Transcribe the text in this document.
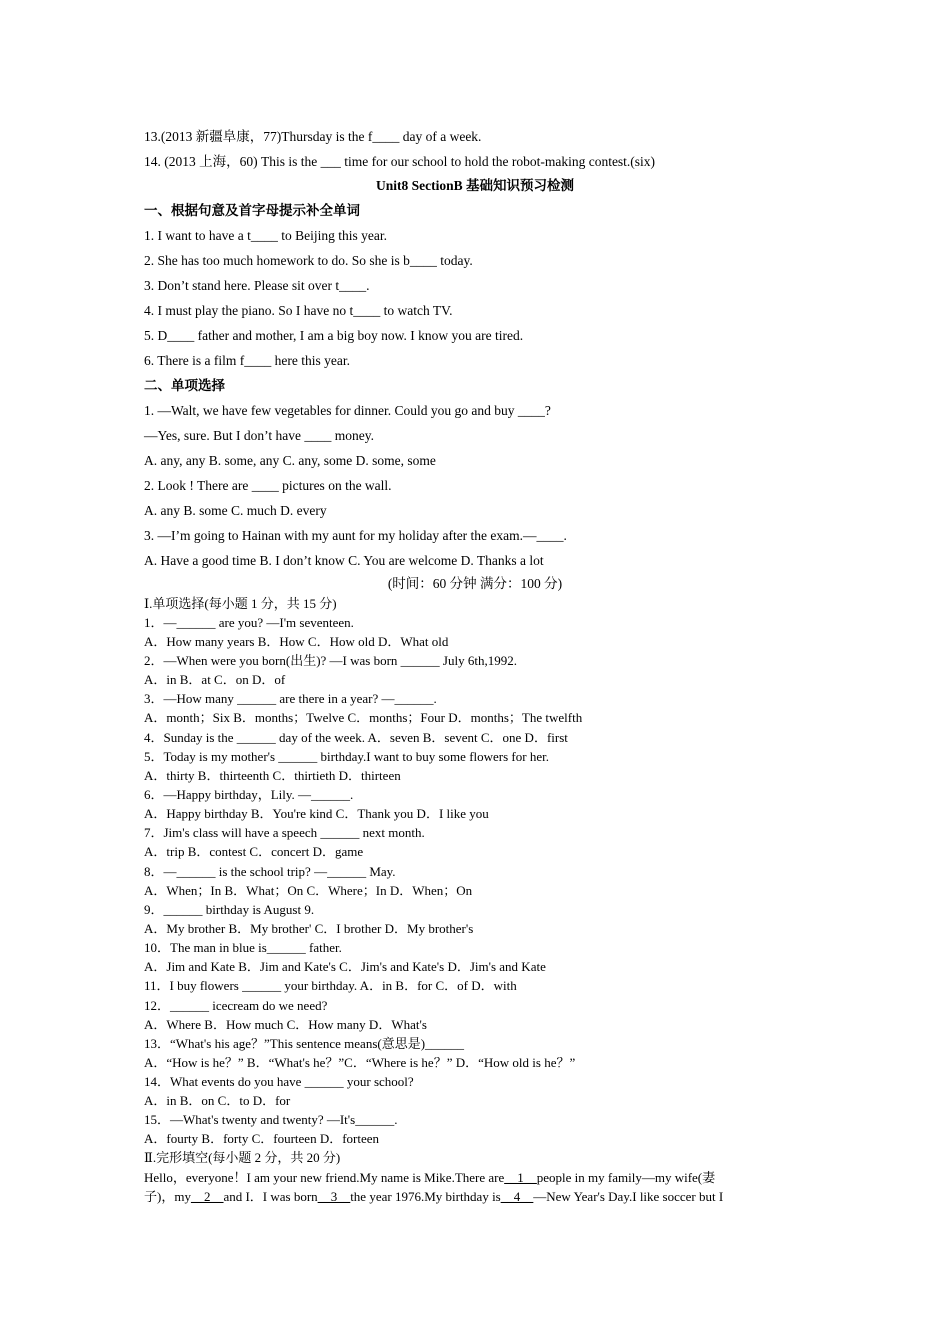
13.(2013 新疆阜康，77)Thursday is the f____ day of a week.
14. (2013 上海，60) This is the ___ time for our school to hold the robot-making contest.(six)
Unit8 SectionB 基础知识预习检测
一、根据句意及首字母提示补全单词
1. I want to have a t____ to Beijing this year.
2. She has too much homework to do. So she is b____ today.
3. Don’t stand here. Please sit over t____.
4. I must play the piano. So I have no t____ to watch TV.
5. D____ father and mother, I am a big boy now. I know you are tired.
6. There is a film f____ here this year.
二、单项选择
1. —Walt, we have few vegetables for dinner. Could you go and buy ____?
—Yes, sure. But I don’t have ____ money.
A. any, any B. some, any C. any, some D. some, some
2. Look ! There are ____ pictures on the wall.
A. any B. some C. much D. every
3. —I’m going to Hainan with my aunt for my holiday after the exam.—____.
A. Have a good time B. I don’t know C. You are welcome D. Thanks a lot
(时间：60 分钟 满分：100 分)
Ⅰ.单项选择(每小题 1 分，共 15 分)
1．—______ are you? —I'm seventeen.
A．How many years B．How C．How old D．What old
2．—When were you born(出生)? —I was born ______ July 6th,1992.
A．in B．at C．on D．of
3．—How many ______ are there in a year? —______.
A．month；Six B．months；Twelve C．months；Four D．months；The twelfth
4．Sunday is the ______ day of the week. A．seven B．sevent C．one D．first
5．Today is my mother's ______ birthday.I want to buy some flowers for her.
A．thirty B．thirteenth C．thirtieth D．thirteen
6．—Happy birthday，Lily. —______.
A．Happy birthday B．You're kind C．Thank you D．I like you
7．Jim's class will have a speech ______ next month.
A．trip B．contest C．concert D．game
8．—______ is the school trip? —______ May.
A．When；In B．What；On C．Where；In D．When；On
9．______ birthday is August 9.
A．My brother B．My brother' C．I brother D．My brother's
10．The man in blue is______ father.
A．Jim and Kate B．Jim and Kate's C．Jim's and Kate's D．Jim's and Kate
11．I buy flowers ______ your birthday. A．in B．for C．of D．with
12．______ icecream do we need?
A．Where B．How much C．How many D．What's
13．“What's his age？”This sentence means(意思是)______
A．“How is he？” B．“What's he？”C．“Where is he？” D．“How old is he？”
14．What events do you have ______ your school?
A．in B．on C．to D．for
15．—What's twenty and twenty? —It's______.
A．fourty B．forty C．fourteen D．forteen
Ⅱ.完形填空(每小题 2 分，共 20 分)
Hello，everyone！I am your new friend.My name is Mike.There are__1__people in my family—my wife(妻
子)，my__2__and I．I was born__3__the year 1976.My birthday is__4__—New Year's Day.I like soccer but I
